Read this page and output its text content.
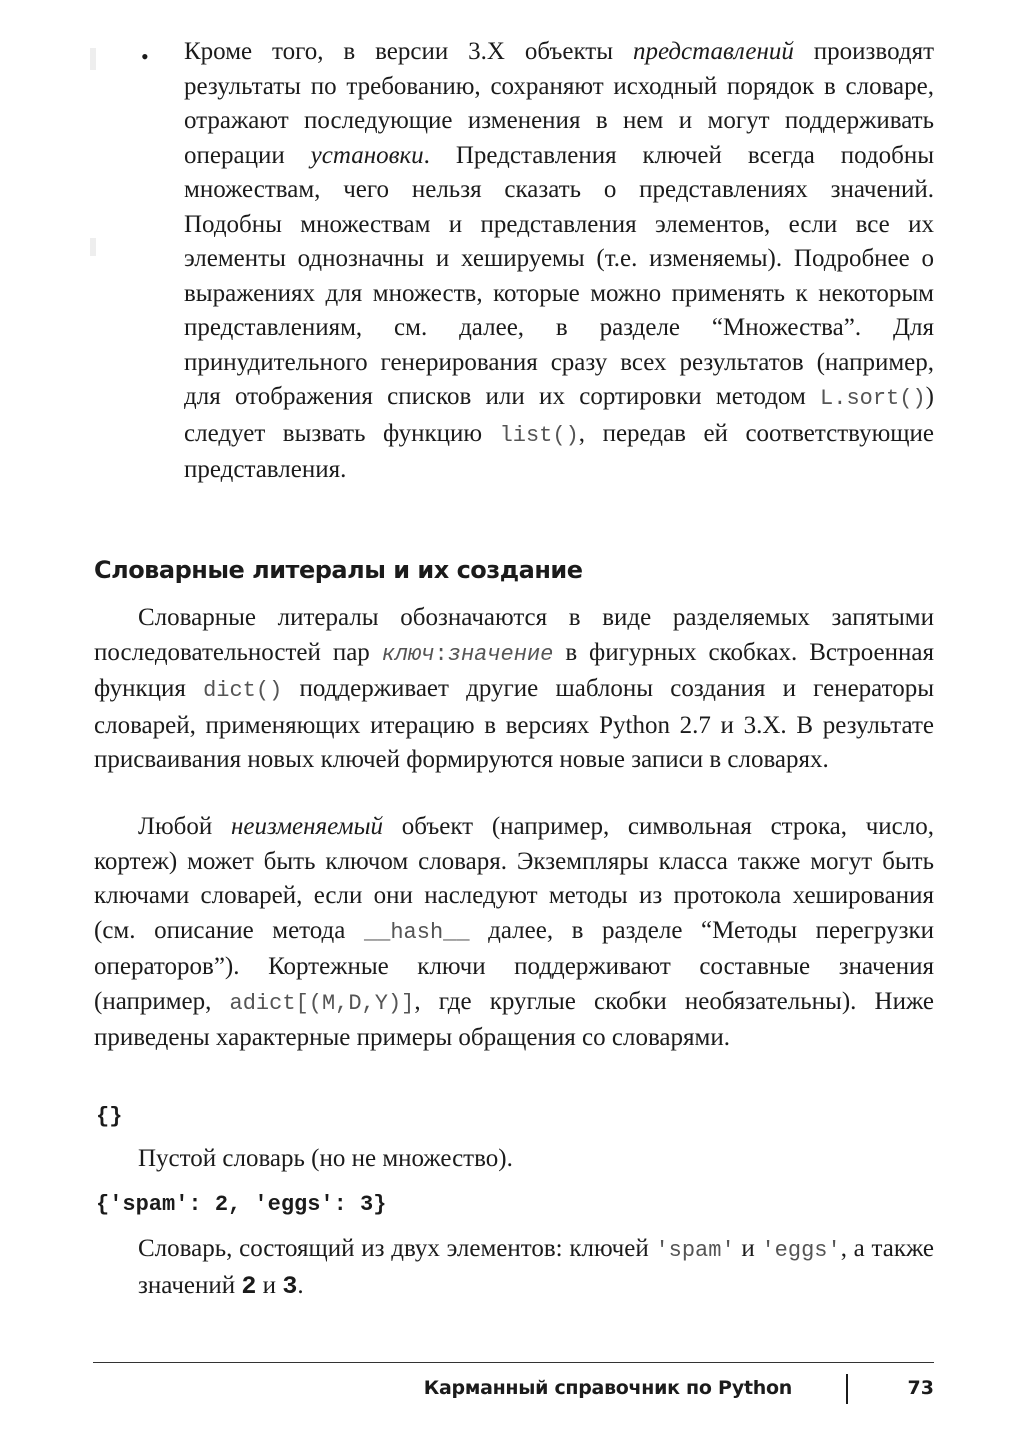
• Кроме того, в версии 3.X объекты представлений производят результаты по требованию, сохраняют исходный порядок в словаре, отражают последующие изменения в нем и могут поддерживать операции установки. Представления ключей всегда подобны множествам, чего нельзя сказать о представлениях значений. Подобны множествам и представления элементов, если все их элементы однозначны и хешируемы (т.е. изменяемы). Подробнее о выражениях для множеств, которые можно применять к некоторым представлениям, см. далее, в разделе “Множества”. Для принудительного генерирования сразу всех результатов (например, для отображения списков или их сортировки методом L.sort()) следует вызвать функцию list(), передав ей соответствующие представления.
Словарные литералы и их создание
Словарные литералы обозначаются в виде разделяемых запятыми последовательностей пар ключ:значение в фигурных скобках. Встроенная функция dict() поддерживает другие шаблоны создания и генераторы словарей, применяющих итерацию в версиях Python 2.7 и 3.X. В результате присваивания новых ключей формируются новые записи в словарях.
Любой неизменяемый объект (например, символьная строка, число, кортеж) может быть ключом словаря. Экземпляры класса также могут быть ключами словарей, если они наследуют методы из протокола хеширования (см. описание метода __hash__ далее, в разделе “Методы перегрузки операторов”). Кортежные ключи поддерживают составные значения (например, adict[(M,D,Y)], где круглые скобки необязательны). Ниже приведены характерные примеры обращения со словарями.
{}
Пустой словарь (но не множество).
{'spam': 2, 'eggs': 3}
Словарь, состоящий из двух элементов: ключей 'spam' и 'eggs', а также значений 2 и 3.
Карманный справочник по Python	73
